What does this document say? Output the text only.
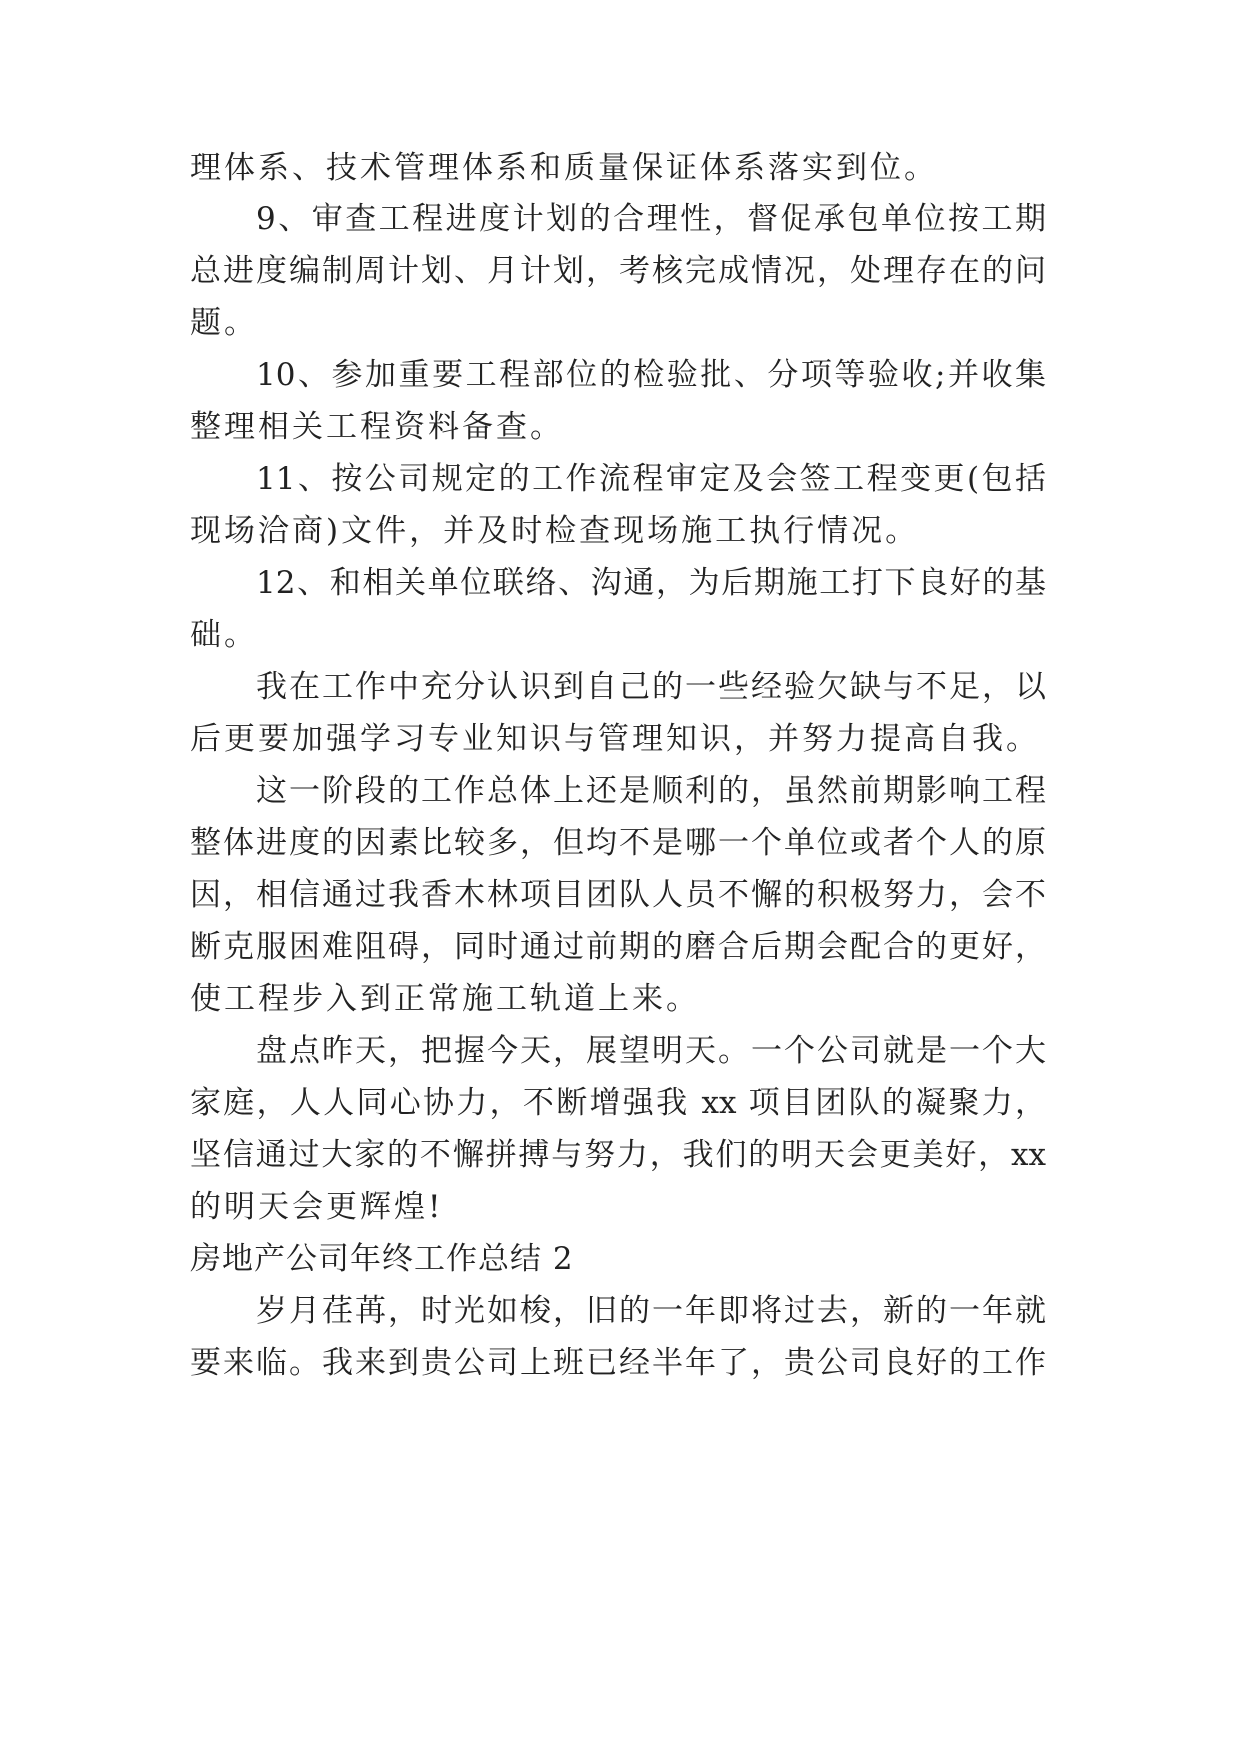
理体系、技术管理体系和质量保证体系落实到位。
9、审查工程进度计划的合理性，督促承包单位按工期
总进度编制周计划、月计划，考核完成情况，处理存在的问
题。
10、参加重要工程部位的检验批、分项等验收;并收集
整理相关工程资料备查。
11、按公司规定的工作流程审定及会签工程变更(包括
现场洽商)文件，并及时检查现场施工执行情况。
12、和相关单位联络、沟通，为后期施工打下良好的基
础。
我在工作中充分认识到自己的一些经验欠缺与不足，以
后更要加强学习专业知识与管理知识，并努力提高自我。
这一阶段的工作总体上还是顺利的，虽然前期影响工程
整体进度的因素比较多，但均不是哪一个单位或者个人的原
因，相信通过我香木林项目团队人员不懈的积极努力，会不
断克服困难阻碍，同时通过前期的磨合后期会配合的更好，
使工程步入到正常施工轨道上来。
盘点昨天，把握今天，展望明天。一个公司就是一个大
家庭，人人同心协力，不断增强我 xx 项目团队的凝聚力，
坚信通过大家的不懈拼搏与努力，我们的明天会更美好，xx
的明天会更辉煌!
房地产公司年终工作总结 2
岁月荏苒，时光如梭，旧的一年即将过去，新的一年就
要来临。我来到贵公司上班已经半年了，贵公司良好的工作
